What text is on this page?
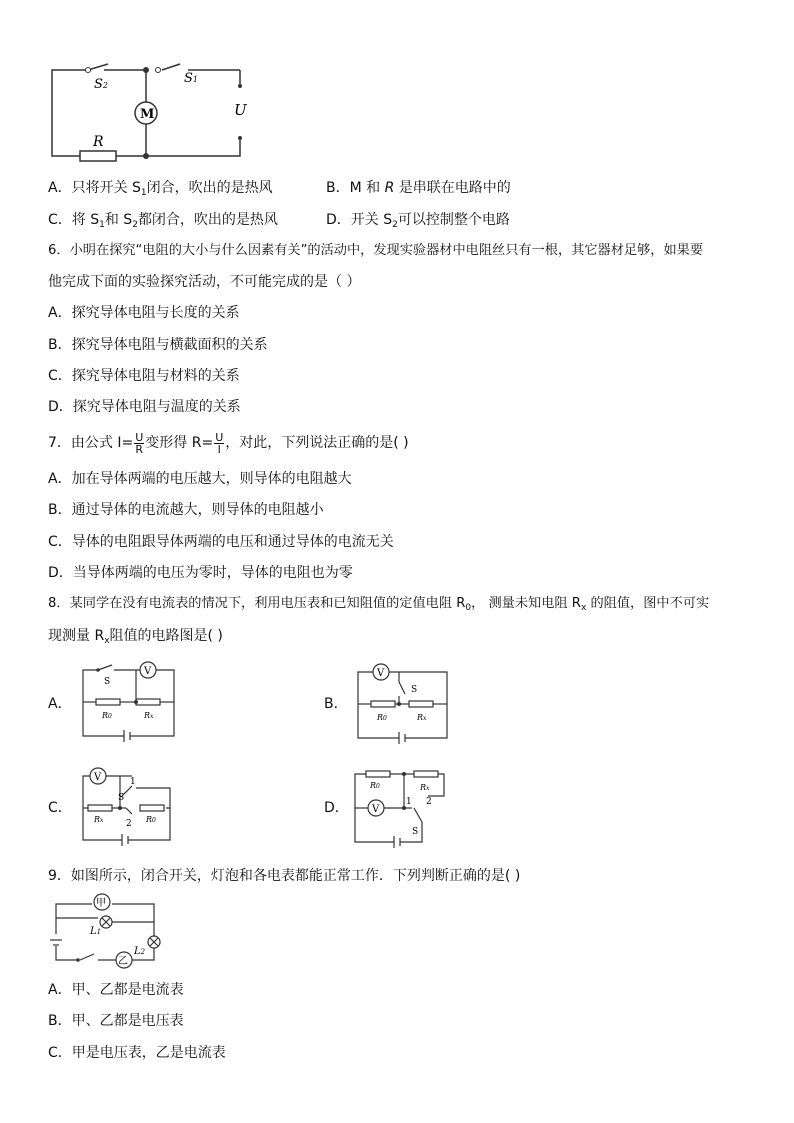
S2	S1
M	U
R
A．只将开关 $S_1$闭合，吹出的是热风	B．M 和 R 是串联在电路中的
C．将 $S_1$和 $S_2$都闭合，吹出的是热风	D．开关 $S_2$可以控制整个电路
6．小明在探究“电阻的大小与什么因素有关”的活动中，发现实验器材中电阻丝只有一根，其它器材足够，如果要
他完成下面的实验探究活动，不可能完成的是（ ）
A．探究导体电阻与长度的关系
B．探究导体电阻与横截面积的关系
C．探究导体电阻与材料的关系
D．探究导体电阻与温度的关系
7．由公式 $I= \frac{U}{R}$ 变形得 $R= \frac{U}{I}$ ，对此，下列说法正确的是( )
A．加在导体两端的电压越大，则导体的电阻越大
B．通过导体的电流越大，则导体的电阻越小
C．导体的电阻跟导体两端的电压和通过导体的电流无关
D．当导体两端的电压为零时，导体的电阻也为零
8．某同学在没有电流表的情况下，利用电压表和已知阻值的定值电阻 $R_0$， 测量未知电阻 $R_x$ 的阻值，图中不可实
现测量 $R_x$阻值的电路图是( )
A．	B．
C．	D．
V
S
R0	Rx
V
S
R0	Rx
V	1
S
2
Rx	R0
V
1 2
S
R0	Rx
9．如图所示，闭合开关，灯泡和各电表都能正常工作．下列判断正确的是( )
甲
乙
L1
L2
A．甲、乙都是电流表
B．甲、乙都是电压表
C．甲是电压表，乙是电流表
